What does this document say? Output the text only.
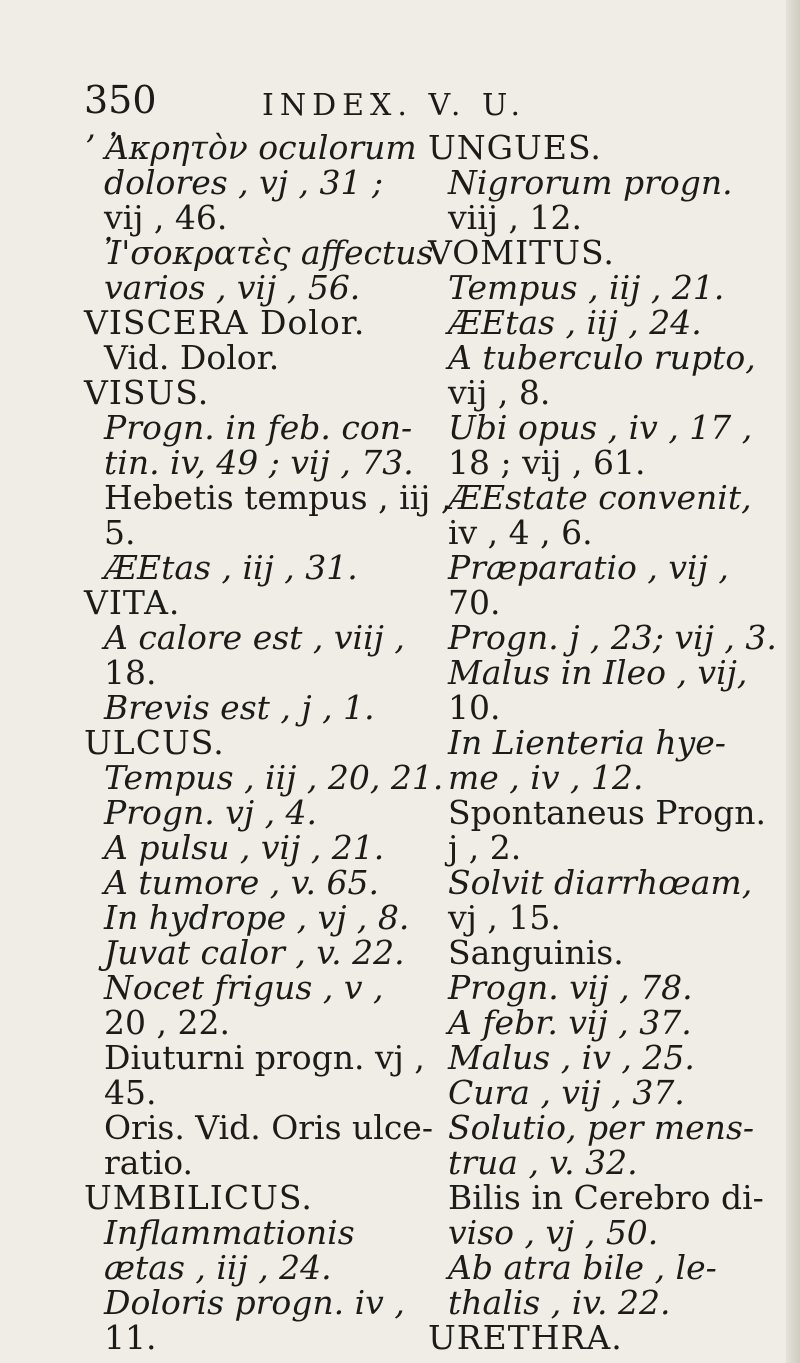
350	INDEX. V. U.
ʼ Ἀκρητὸν oculorum
dolores , vj , 31 ;
vij , 46.
Ἰ'σοκρατὲς affectus
varios , vij , 56.
VISCERA Dolor.
Vid. Dolor.
VISUS.
Progn. in feb. con-
tin. iv, 49 ; vij , 73.
Hebetis tempus , iij ,
5.
ÆEtas , iij , 31.
VITA.
A calore est , viij ,
18.
Brevis est , j , 1.
ULCUS.
Tempus , iij , 20, 21.
Progn. vj , 4.
A pulsu , vij , 21.
A tumore , v. 65.
In hydrope , vj , 8.
Juvat calor , v. 22.
Nocet frigus , v ,
20 , 22.
Diuturni progn. vj ,
45.
Oris. Vid. Oris ulce-
ratio.
UMBILICUS.
Inflammationis
ætas , iij , 24.
Doloris progn. iv ,
11.
UNGUES.
Nigrorum progn.
viij , 12.
VOMITUS.
Tempus , iij , 21.
ÆEtas , iij , 24.
A tuberculo rupto,
vij , 8.
Ubi opus , iv , 17 ,
18 ; vij , 61.
ÆEstate convenit,
iv , 4 , 6.
Præparatio , vij ,
70.
Progn. j , 23; vij , 3.
Malus in Ileo , vij,
10.
In Lienteria hye-
me , iv , 12.
Spontaneus Progn.
j , 2.
Solvit diarrhœam,
vj , 15.
Sanguinis.
Progn. vij , 78.
A febr. vij , 37.
Malus , iv , 25.
Cura , vij , 37.
Solutio, per mens-
trua , v. 32.
Bilis in Cerebro di-
viso , vj , 50.
Ab atra bile , le-
thalis , iv. 22.
URETHRA.
